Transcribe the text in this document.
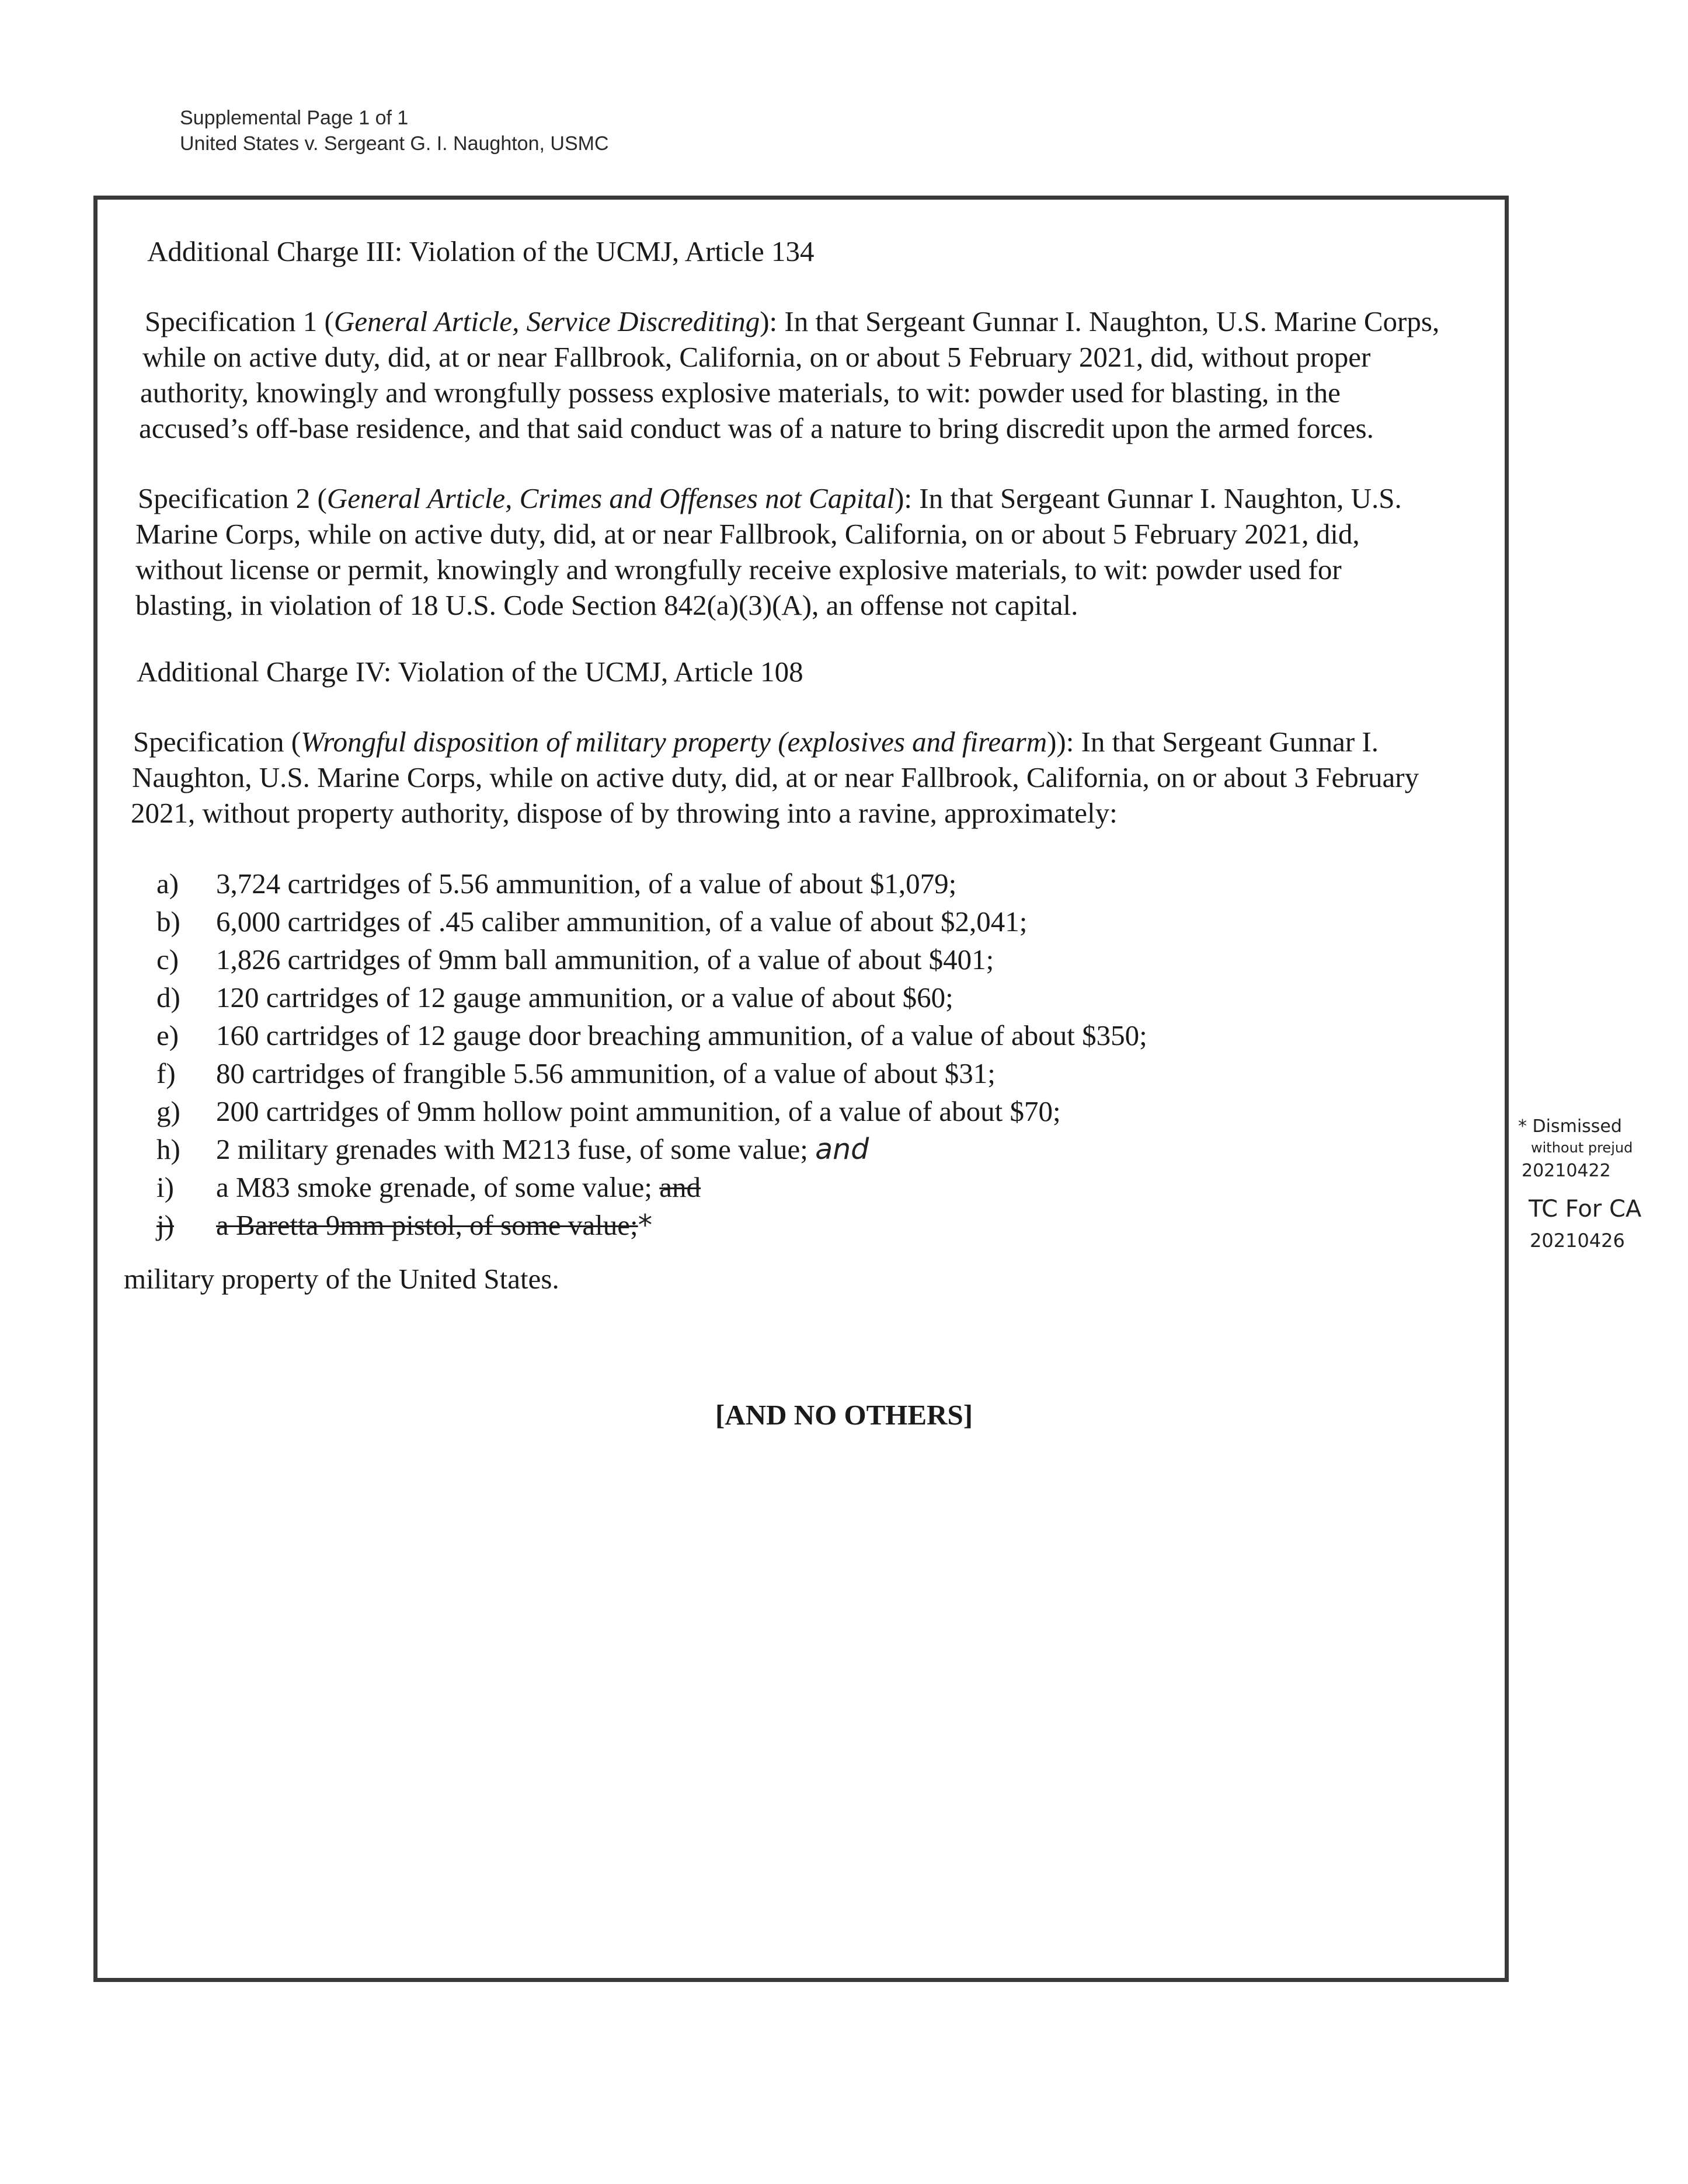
Supplemental Page 1 of 1
United States v. Sergeant G. I. Naughton, USMC
Additional Charge III: Violation of the UCMJ, Article 134
Specification 1 (General Article, Service Discrediting): In that Sergeant Gunnar I. Naughton, U.S. Marine Corps,
while on active duty, did, at or near Fallbrook, California, on or about 5 February 2021, did, without proper
authority, knowingly and wrongfully possess explosive materials, to wit: powder used for blasting, in the
accused’s off-base residence, and that said conduct was of a nature to bring discredit upon the armed forces.
Specification 2 (General Article, Crimes and Offenses not Capital): In that Sergeant Gunnar I. Naughton, U.S.
Marine Corps, while on active duty, did, at or near Fallbrook, California, on or about 5 February 2021, did,
without license or permit, knowingly and wrongfully receive explosive materials, to wit: powder used for
blasting, in violation of 18 U.S. Code Section 842(a)(3)(A), an offense not capital.
Additional Charge IV: Violation of the UCMJ, Article 108
Specification (Wrongful disposition of military property (explosives and firearm)): In that Sergeant Gunnar I.
Naughton, U.S. Marine Corps, while on active duty, did, at or near Fallbrook, California, on or about 3 February
2021, without property authority, dispose of by throwing into a ravine, approximately:
a) 3,724 cartridges of 5.56 ammunition, of a value of about $1,079;
b) 6,000 cartridges of .45 caliber ammunition, of a value of about $2,041;
c) 1,826 cartridges of 9mm ball ammunition, of a value of about $401;
d) 120 cartridges of 12 gauge ammunition, or a value of about $60;
e) 160 cartridges of 12 gauge door breaching ammunition, of a value of about $350;
f) 80 cartridges of frangible 5.56 ammunition, of a value of about $31;
g) 200 cartridges of 9mm hollow point ammunition, of a value of about $70;
h) 2 military grenades with M213 fuse, of some value; and
i) a M83 smoke grenade, of some value; and
j) a Baretta 9mm pistol, of some value;*
military property of the United States.
[AND NO OTHERS]
* Dismissed
without prejud
20210422
TC For CA
20210426
